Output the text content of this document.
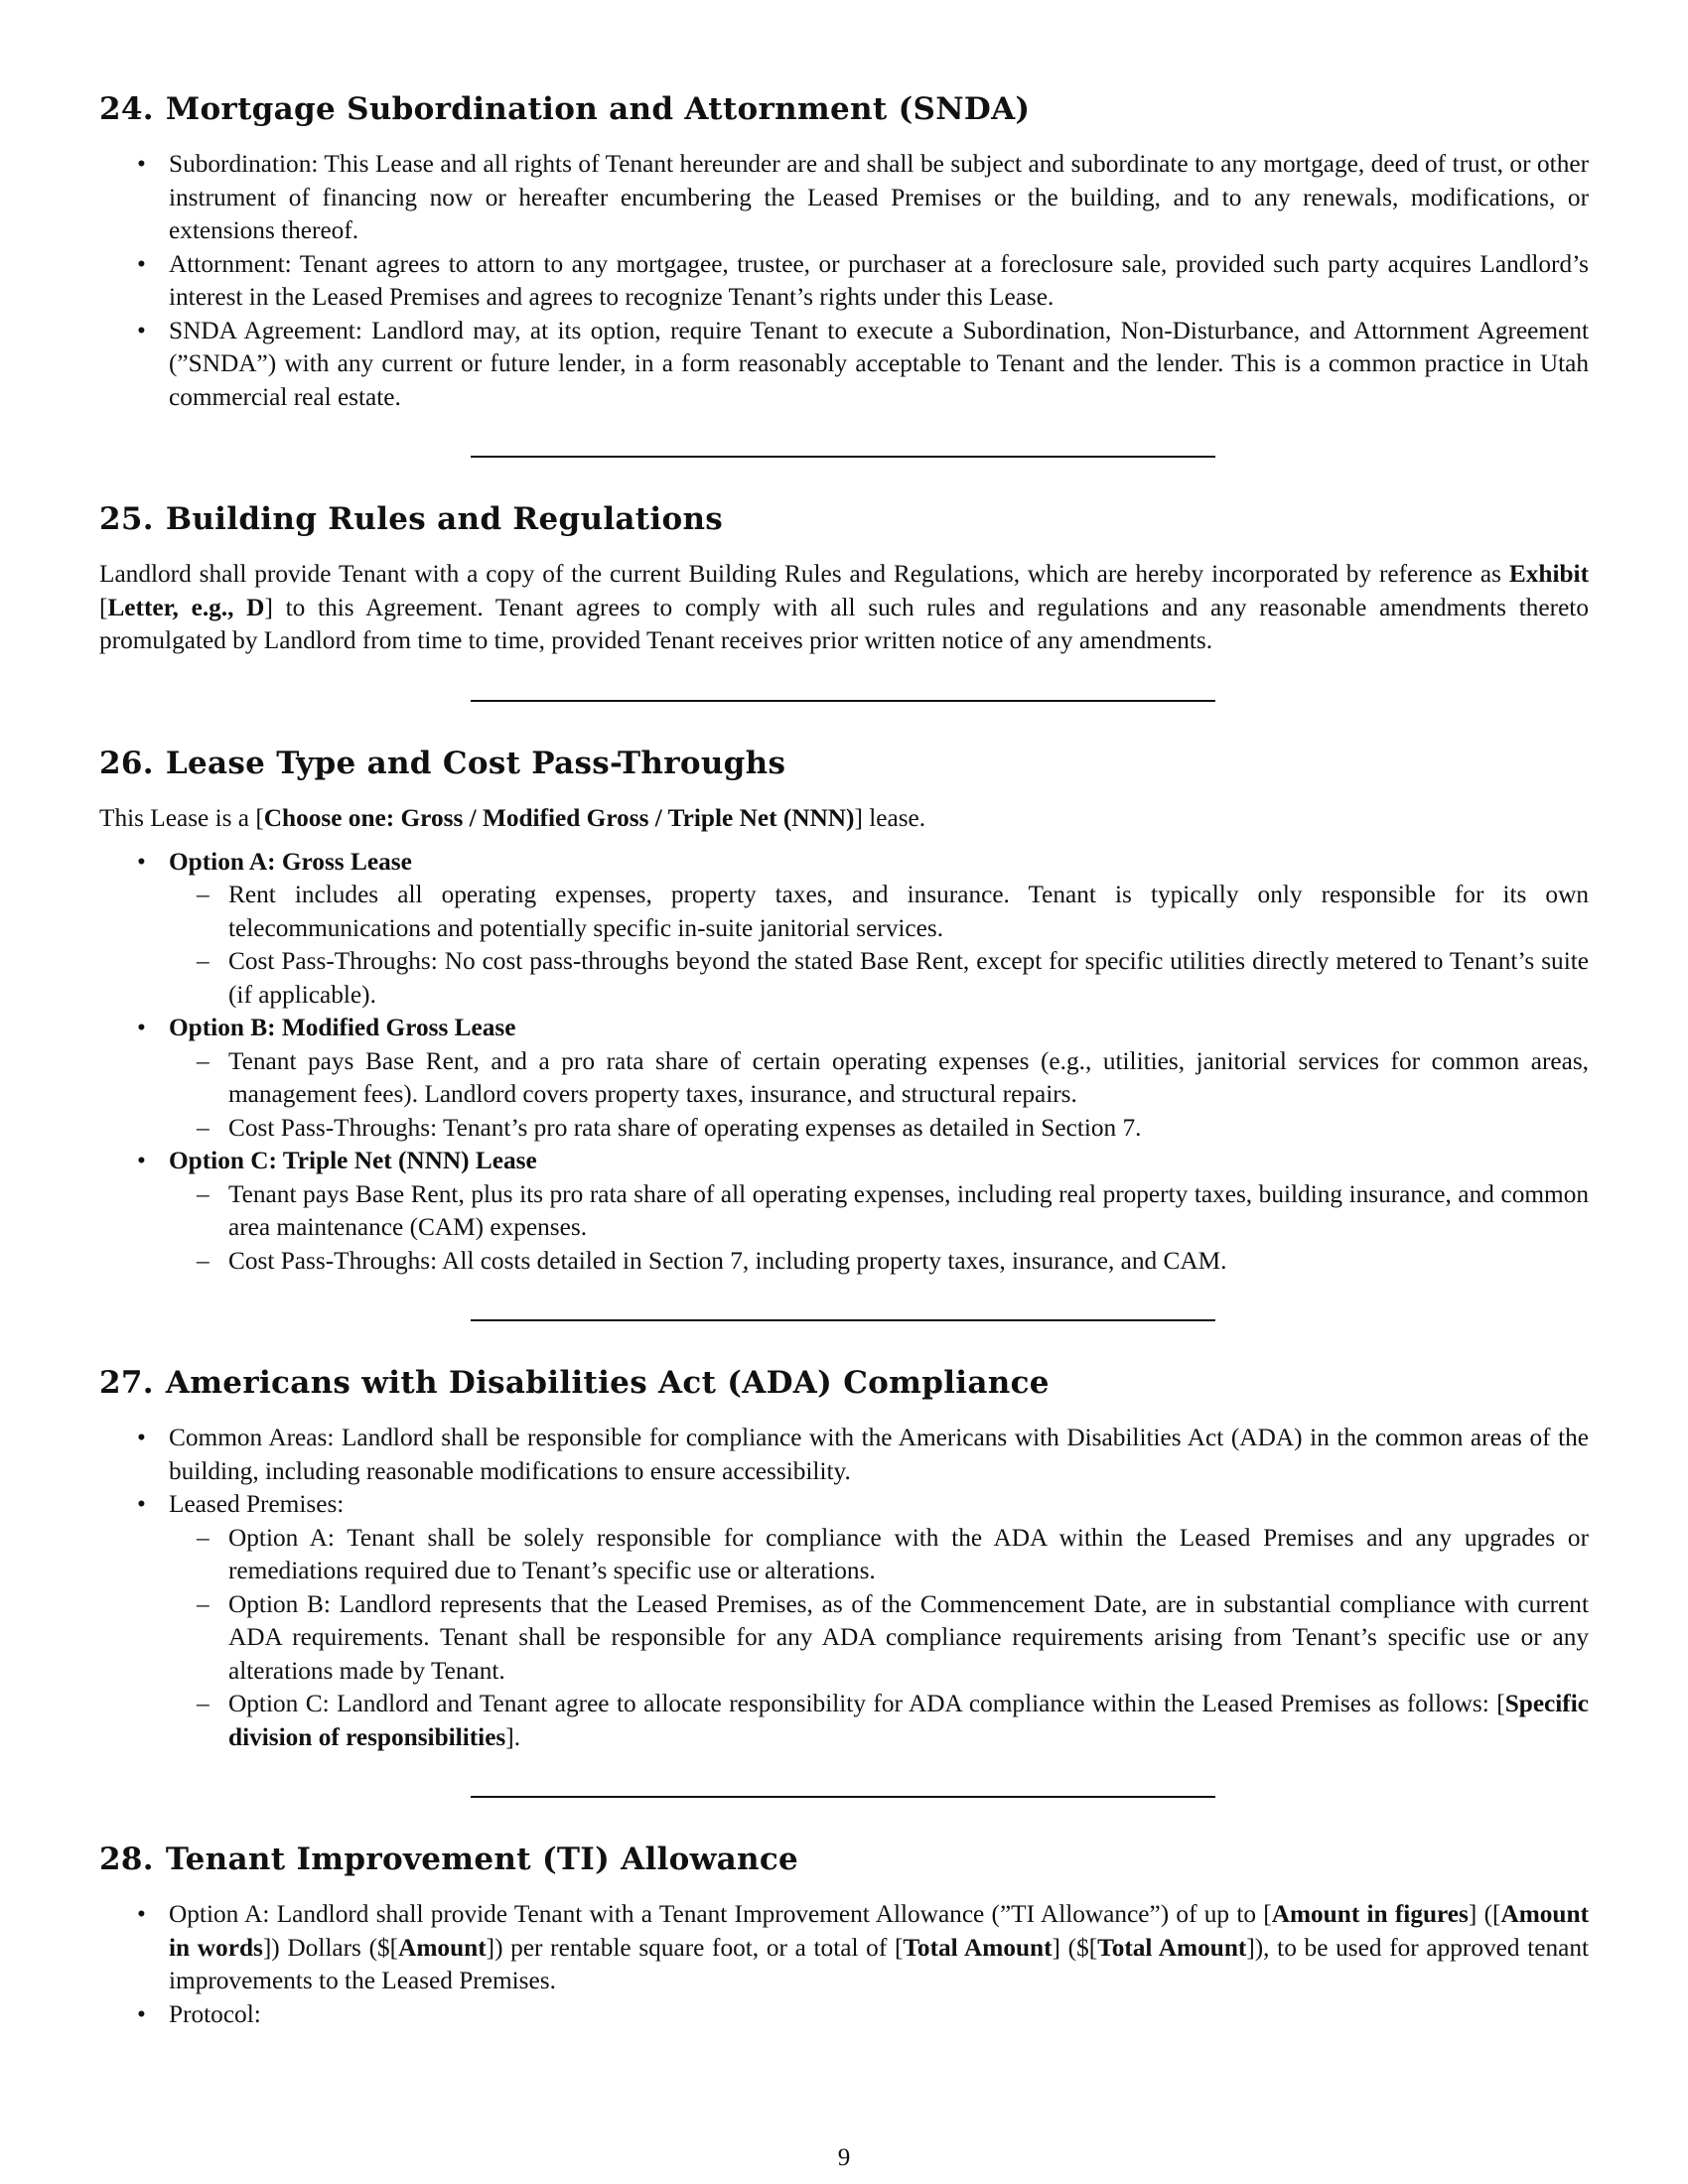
24. Mortgage Subordination and Attornment (SNDA)
• Subordination: This Lease and all rights of Tenant hereunder are and shall be subject and subordinate to any mortgage, deed of trust, or other instrument of financing now or hereafter encumbering the Leased Premises or the building, and to any renewals, modifications, or extensions thereof.
• Attornment: Tenant agrees to attorn to any mortgagee, trustee, or purchaser at a foreclosure sale, provided such party acquires Landlord’s interest in the Leased Premises and agrees to recognize Tenant’s rights under this Lease.
• SNDA Agreement: Landlord may, at its option, require Tenant to execute a Subordination, Non-Disturbance, and Attornment Agreement (”SNDA”) with any current or future lender, in a form reasonably acceptable to Tenant and the lender. This is a common practice in Utah commercial real estate.
25. Building Rules and Regulations

Landlord shall provide Tenant with a copy of the current Building Rules and Regulations, which are hereby incorporated by reference as Exhibit [Letter, e.g., D] to this Agreement. Tenant agrees to comply with all such rules and regulations and any reasonable amendments thereto promulgated by Landlord from time to time, provided Tenant receives prior written notice of any amendments.

26. Lease Type and Cost Pass-Throughs

This Lease is a [Choose one: Gross / Modified Gross / Triple Net (NNN)] lease.

• Option A: Gross Lease
– Rent includes all operating expenses, property taxes, and insurance. Tenant is typically only responsible for its own telecommunications and potentially specific in-suite janitorial services.
– Cost Pass-Throughs: No cost pass-throughs beyond the stated Base Rent, except for specific utilities directly metered to Tenant’s suite (if applicable).
• Option B: Modified Gross Lease
– Tenant pays Base Rent, and a pro rata share of certain operating expenses (e.g., utilities, janitorial services for common areas, management fees). Landlord covers property taxes, insurance, and structural repairs.
– Cost Pass-Throughs: Tenant’s pro rata share of operating expenses as detailed in Section 7.
• Option C: Triple Net (NNN) Lease
– Tenant pays Base Rent, plus its pro rata share of all operating expenses, including real property taxes, building insurance, and common area maintenance (CAM) expenses.
– Cost Pass-Throughs: All costs detailed in Section 7, including property taxes, insurance, and CAM.
27. Americans with Disabilities Act (ADA) Compliance
• Common Areas: Landlord shall be responsible for compliance with the Americans with Disabilities Act (ADA) in the common areas of the building, including reasonable modifications to ensure accessibility.
• Leased Premises:
– Option A: Tenant shall be solely responsible for compliance with the ADA within the Leased Premises and any upgrades or remediations required due to Tenant’s specific use or alterations.
– Option B: Landlord represents that the Leased Premises, as of the Commencement Date, are in substantial compliance with current ADA requirements. Tenant shall be responsible for any ADA compliance requirements arising from Tenant’s specific use or any alterations made by Tenant.
– Option C: Landlord and Tenant agree to allocate responsibility for ADA compliance within the Leased Premises as follows: [Specific division of responsibilities].
28. Tenant Improvement (TI) Allowance
• Option A: Landlord shall provide Tenant with a Tenant Improvement Allowance (”TI Allowance”) of up to [Amount in figures] ([Amount in words]) Dollars ($[Amount]) per rentable square foot, or a total of [Total Amount] ($[Total Amount]), to be used for approved tenant improvements to the Leased Premises.
• Protocol:
9
